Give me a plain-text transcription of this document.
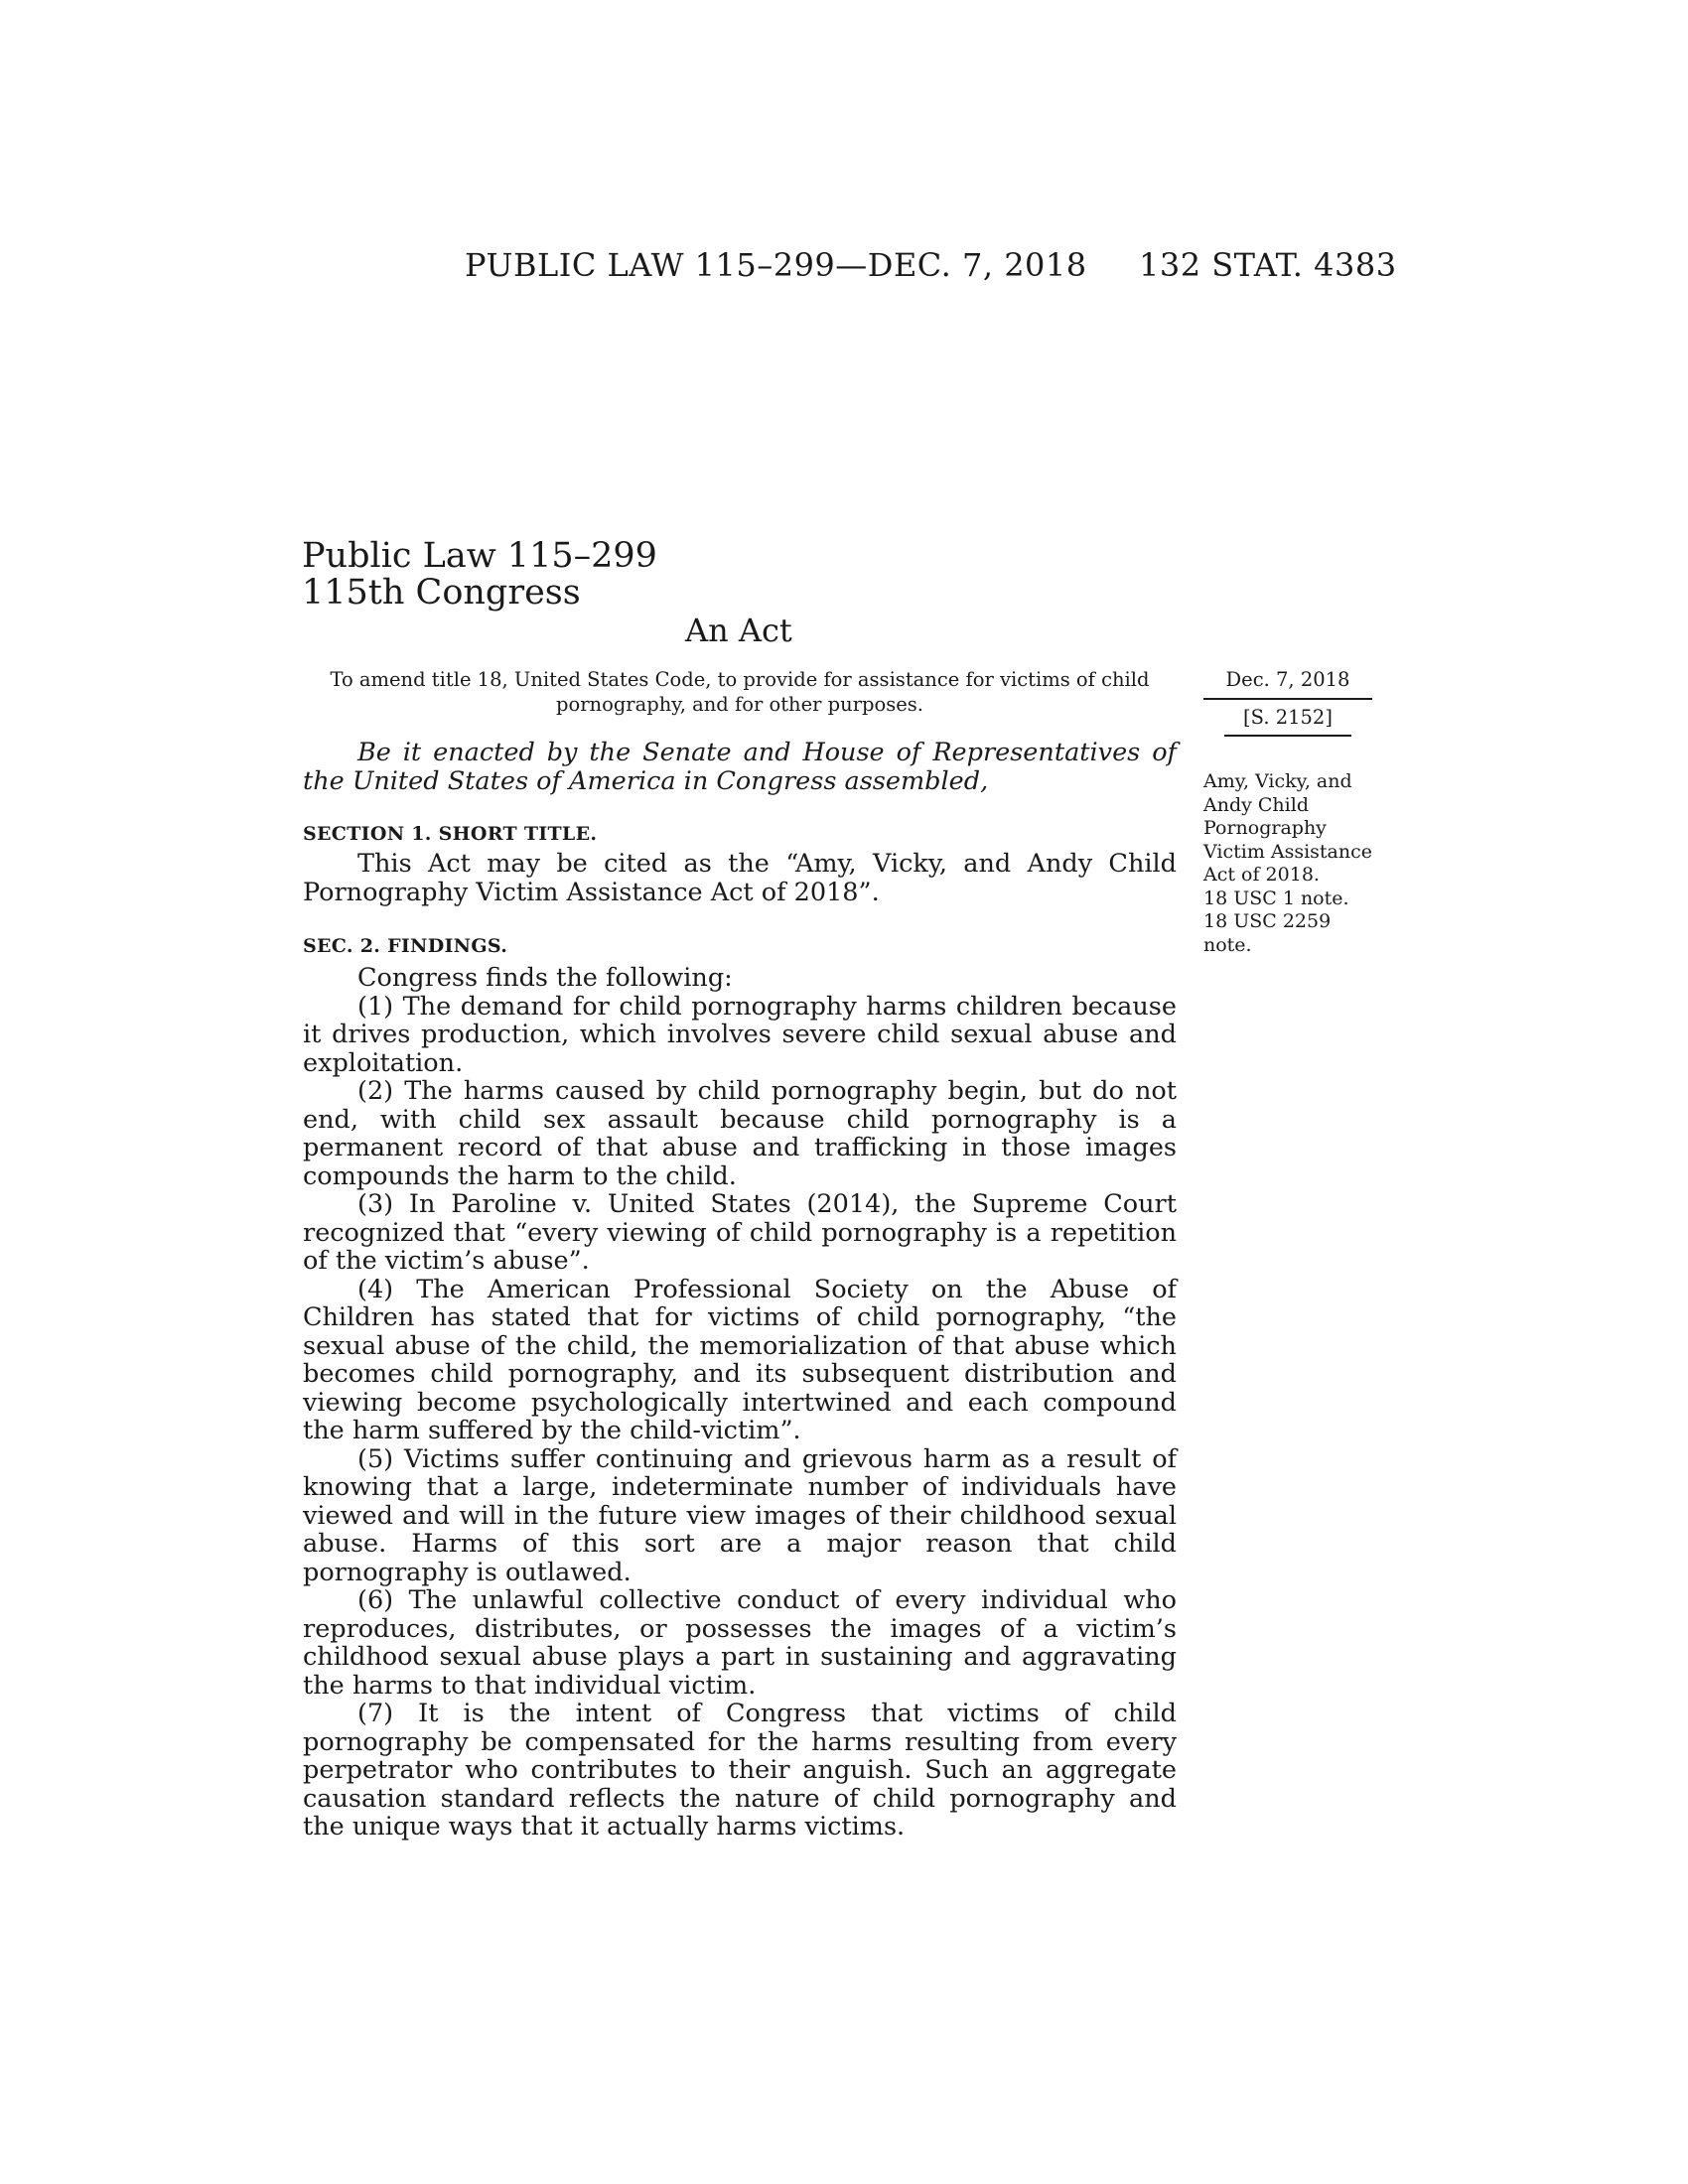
PUBLIC LAW 115–299—DEC. 7, 2018 132 STAT. 4383
Public Law 115–299
115th Congress
An Act
To amend title 18, United States Code, to provide for assistance for victims of child pornography, and for other purposes.
Dec. 7, 2018
[S. 2152]
Amy, Vicky, and Andy Child Pornography Victim Assistance Act of 2018.
18 USC 1 note.
18 USC 2259 note.

Be it enacted by the Senate and House of Representatives of the United States of America in Congress assembled,

SECTION 1. SHORT TITLE.

This Act may be cited as the “Amy, Vicky, and Andy Child Pornography Victim Assistance Act of 2018”.

SEC. 2. FINDINGS.

Congress finds the following:

(1) The demand for child pornography harms children because it drives production, which involves severe child sexual abuse and exploitation.

(2) The harms caused by child pornography begin, but do not end, with child sex assault because child pornography is a permanent record of that abuse and trafficking in those images compounds the harm to the child.

(3) In Paroline v. United States (2014), the Supreme Court recognized that “every viewing of child pornography is a repetition of the victim’s abuse”.

(4) The American Professional Society on the Abuse of Children has stated that for victims of child pornography, “the sexual abuse of the child, the memorialization of that abuse which becomes child pornography, and its subsequent distribution and viewing become psychologically intertwined and each compound the harm suffered by the child-victim”.

(5) Victims suffer continuing and grievous harm as a result of knowing that a large, indeterminate number of individuals have viewed and will in the future view images of their childhood sexual abuse. Harms of this sort are a major reason that child pornography is outlawed.

(6) The unlawful collective conduct of every individual who reproduces, distributes, or possesses the images of a victim’s childhood sexual abuse plays a part in sustaining and aggravating the harms to that individual victim.

(7) It is the intent of Congress that victims of child pornography be compensated for the harms resulting from every perpetrator who contributes to their anguish. Such an aggregate causation standard reflects the nature of child pornography and the unique ways that it actually harms victims.
